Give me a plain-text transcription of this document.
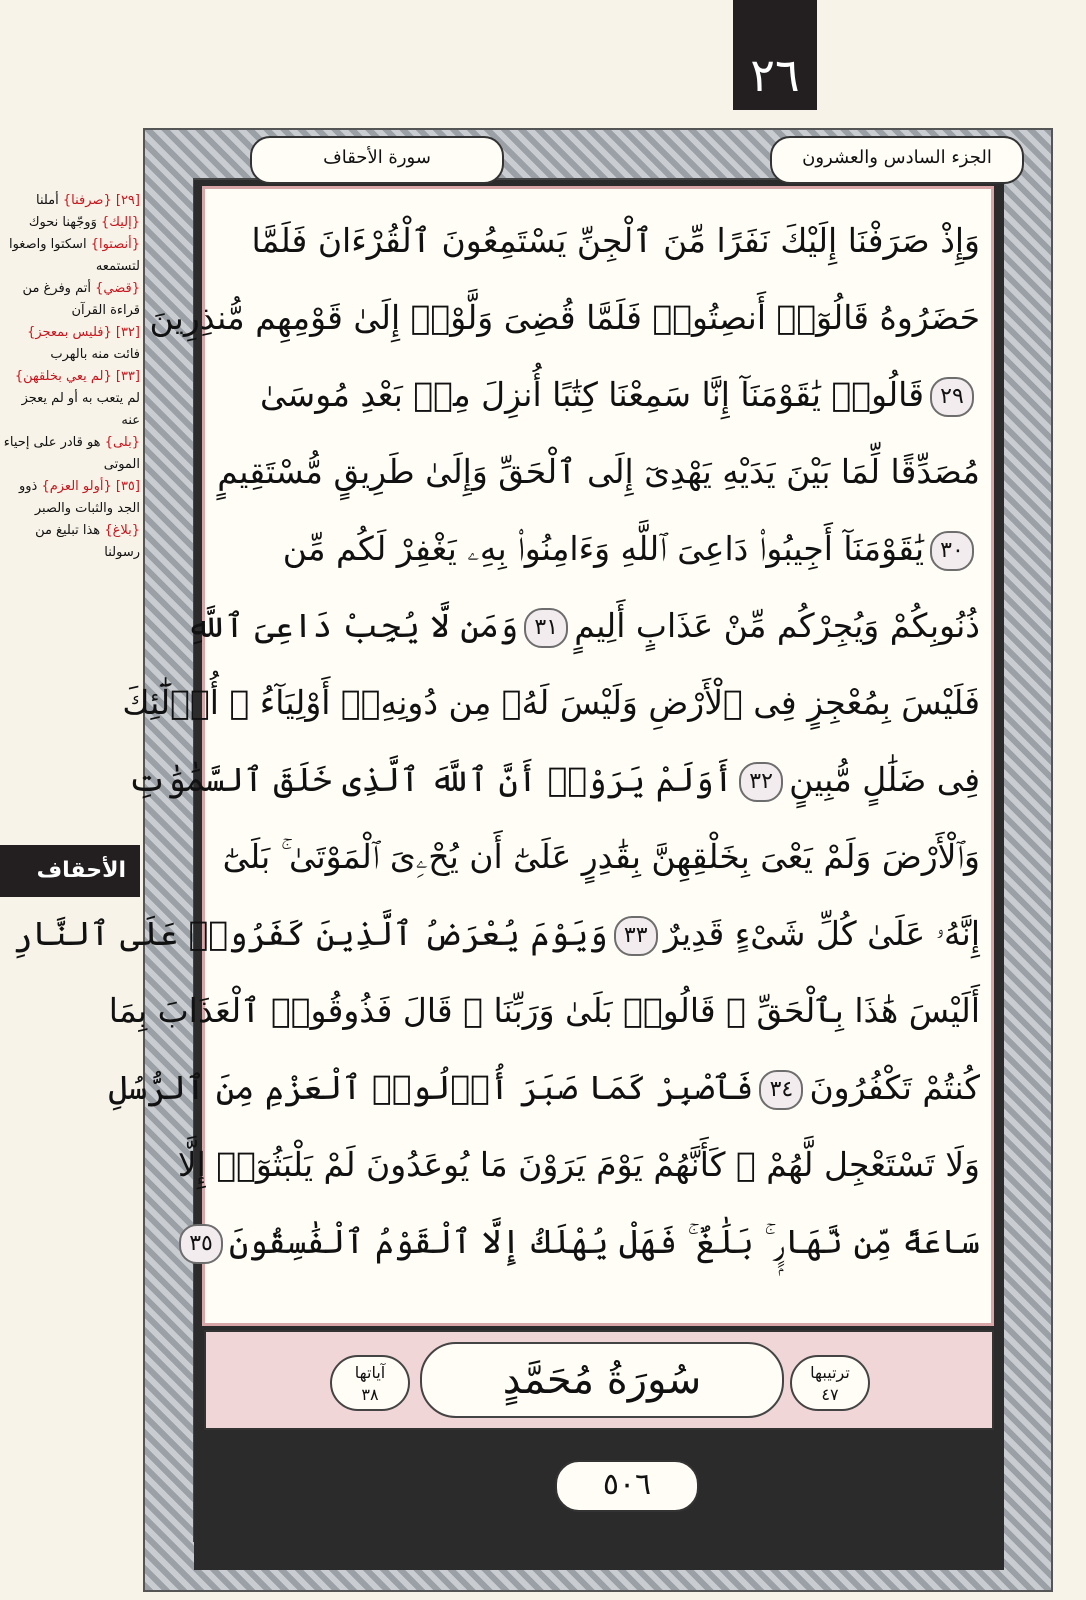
٢٦
الجزء السادس والعشرون
سورة الأحقاف
وَإِذْ صَرَفْنَا إِلَيْكَ نَفَرًا مِّنَ ٱلْجِنِّ يَسْتَمِعُونَ ٱلْقُرْءَانَ فَلَمَّا
حَضَرُوهُ قَالُوٓا۟ أَنصِتُوا۟ فَلَمَّا قُضِىَ وَلَّوْا۟ إِلَىٰ قَوْمِهِم مُّنذِرِينَ
٢٩قَالُوا۟ يَٰقَوْمَنَآ إِنَّا سَمِعْنَا كِتَٰبًا أُنزِلَ مِنۢ بَعْدِ مُوسَىٰ
مُصَدِّقًا لِّمَا بَيْنَ يَدَيْهِ يَهْدِىٓ إِلَى ٱلْحَقِّ وَإِلَىٰ طَرِيقٍ مُّسْتَقِيمٍ
٣٠يَٰقَوْمَنَآ أَجِيبُوا۟ دَاعِىَ ٱللَّهِ وَءَامِنُوا۟ بِهِۦ يَغْفِرْ لَكُم مِّن
ذُنُوبِكُمْ وَيُجِرْكُم مِّنْ عَذَابٍ أَلِيمٍ٣١وَمَن لَّا يُجِبْ دَاعِىَ ٱللَّهِ
فَلَيْسَ بِمُعْجِزٍ فِى ٱلْأَرْضِ وَلَيْسَ لَهُۥ مِن دُونِهِۦٓ أَوْلِيَآءُ ۚ أُو۟لَٰٓئِكَ
فِى ضَلَٰلٍ مُّبِينٍ٣٢أَوَلَمْ يَرَوْا۟ أَنَّ ٱللَّهَ ٱلَّذِى خَلَقَ ٱلسَّمَٰوَٰتِ
وَٱلْأَرْضَ وَلَمْ يَعْىَ بِخَلْقِهِنَّ بِقَٰدِرٍ عَلَىٰٓ أَن يُحْۦِىَ ٱلْمَوْتَىٰ ۚ بَلَىٰٓ
إِنَّهُۥ عَلَىٰ كُلِّ شَىْءٍ قَدِيرٌ٣٣وَيَوْمَ يُعْرَضُ ٱلَّذِينَ كَفَرُوا۟ عَلَى ٱلنَّارِ
أَلَيْسَ هَٰذَا بِٱلْحَقِّ ۖ قَالُوا۟ بَلَىٰ وَرَبِّنَا ۚ قَالَ فَذُوقُوا۟ ٱلْعَذَابَ بِمَا
كُنتُمْ تَكْفُرُونَ٣٤فَٱصْبِرْ كَمَا صَبَرَ أُو۟لُوا۟ ٱلْعَزْمِ مِنَ ٱلرُّسُلِ
وَلَا تَسْتَعْجِل لَّهُمْ ۚ كَأَنَّهُمْ يَوْمَ يَرَوْنَ مَا يُوعَدُونَ لَمْ يَلْبَثُوٓا۟ إِلَّا
سَاعَةً مِّن نَّهَارٍۭ ۚ بَلَٰغٌ ۚ فَهَلْ يُهْلَكُ إِلَّا ٱلْقَوْمُ ٱلْفَٰسِقُونَ٣٥
سُورَةُ مُحَمَّدٍ	ترتيبها
٤٧
آياتها
٣٨
٥٠٦
[٢٩] {صرفنا} أملنا
{إليك} وَوجّهنا نحوك
{أنصتوا} اسكتوا واصغوا لتستمعه
{قضي} أتم وفرغ من قراءة القرآن
[٣٢] {فليس بمعجز} فائت منه بالهرب
[٣٣] {لم يعي بخلقهن} لم يتعب به أو لم يعجز عنه
{بلى} هو قادر على إحياء الموتى
[٣٥] {أولو العزم} ذوو الجد والثبات والصبر
{بلاغ} هذا تبليغ من رسولنا
الأحقاف
